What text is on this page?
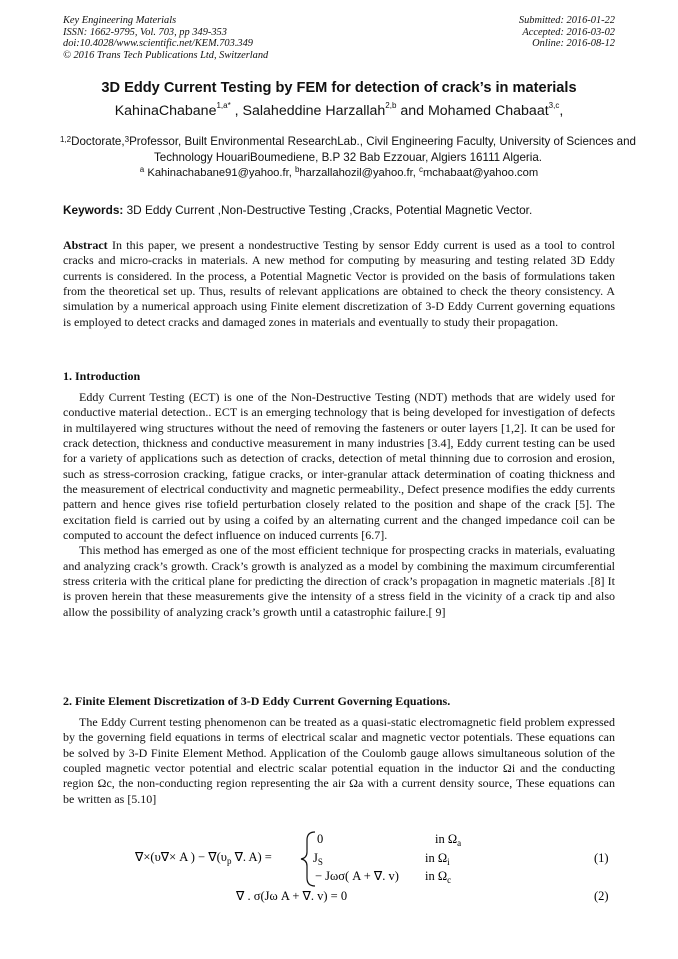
Key Engineering Materials
ISSN: 1662-9795, Vol. 703, pp 349-353
doi:10.4028/www.scientific.net/KEM.703.349
© 2016 Trans Tech Publications Ltd, Switzerland
Submitted: 2016-01-22
Accepted: 2016-03-02
Online: 2016-08-12
3D Eddy Current Testing by FEM for detection of crack’s in materials
KahinaChabane$^{1,a*}$ , Salaheddine Harzallah$^{2,b}$ and Mohamed Chabaat$^{3,c}$,
$^{1,2}$Doctorate,$^3$Professor, Built Environmental ResearchLab., Civil Engineering Faculty, University of Sciences and Technology HouariBoumediene, B.P 32 Bab Ezzouar, Algiers 16111 Algeria.
$^a$ Kahinachabane91@yahoo.fr, $^b$harzallahozil@yahoo.fr, $^c$mchabaat@yahoo.com
Keywords: 3D Eddy Current ,Non-Destructive Testing ,Cracks, Potential Magnetic Vector.

Abstract In this paper, we present a nondestructive Testing by sensor Eddy current is used as a tool to control cracks and micro-cracks in materials. A new method for computing by measuring and testing related 3D Eddy currents is considered. In the process, a Potential Magnetic Vector is provided on the basis of formulations taken from the theoretical set up. Thus, results of relevant applications are obtained to check the theory consistency. A simulation by a numerical approach using Finite element discretization of 3-D Eddy Current governing equations is employed to detect cracks and damaged zones in materials and eventually to study their propagation.

1. Introduction

Eddy Current Testing (ECT) is one of the Non-Destructive Testing (NDT) methods that are widely used for conductive material detection.. ECT is an emerging technology that is being developed for investigation of defects in multilayered wing structures without the need of removing the fasteners or outer layers [1,2]. It can be used for crack detection, thickness and conductive measurement in many industries [3.4], Eddy current testing can be used for a variety of applications such as detection of cracks, detection of metal thinning due to corrosion and erosion, such as stress-corrosion cracking, fatigue cracks, or inter-granular attack determination of coating thickness and the measurement of electrical conductivity and magnetic permeability., Defect presence modifies the eddy currents pattern and hence gives rise tofield perturbation closely related to the position and shape of the crack [5]. The excitation field is carried out by using a coifed by an alternating current and the changed impedance coil can be computed to account the defect influence on induced currents [6.7].

This method has emerged as one of the most efficient technique for prospecting cracks in materials, evaluating and analyzing crack’s growth. Crack’s growth is analyzed as a model by combining the maximum circumferential stress criteria with the critical plane for predicting the direction of crack’s propagation in magnetic materials .[8] It is proven herein that these measurements give the intensity of a stress field in the vicinity of a crack tip and also allow the possibility of analyzing crack’s growth until a catastrophic failure.[ 9]

2. Finite Element Discretization of 3-D Eddy Current Governing Equations.

The Eddy Current testing phenomenon can be treated as a quasi-static electromagnetic field problem expressed by the governing field equations in terms of electrical scalar and magnetic vector potentials. These equations can be solved by 3-D Finite Element Method. Application of the Coulomb gauge allows simultaneous solution of the coupled magnetic vector potential and electric scalar potential equation in the inductor Ωi and the conducting region Ωc, the non-conducting region representing the air Ωa with a current density source, These equations can be written as [5.10]

∇×(υ∇× A ) − $\nabla(\upsilon_p$ ∇. A) =
0	in $\Omega_a$
$J_S$	in $\Omega_i$
− Jωσ( A + ∇. v) in $\Omega_c$
(1)
∇ . σ(Jω A + ∇. v) = 0	(2)
